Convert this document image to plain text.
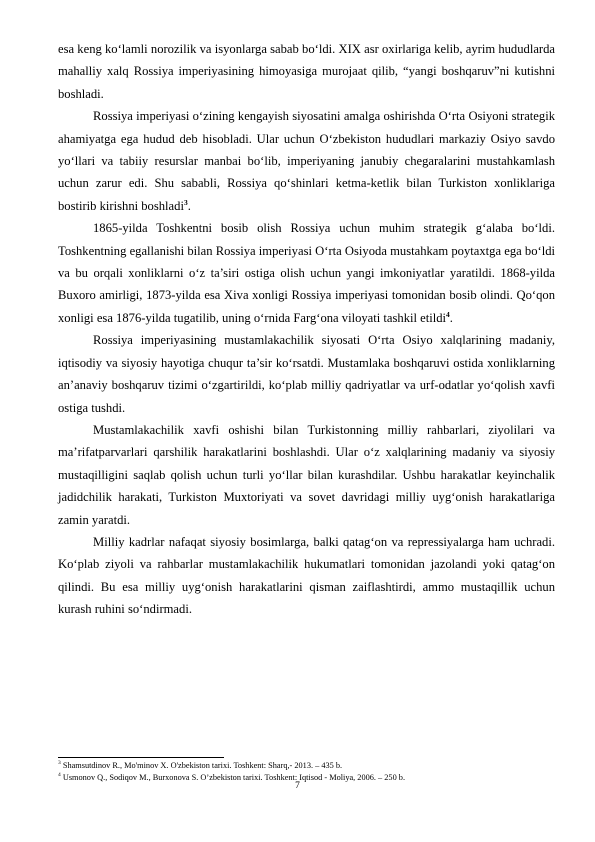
esa keng ko‘lamli norozilik va isyonlarga sabab bo‘ldi. XIX asr oxirlariga kelib, ayrim hududlarda mahalliy xalq Rossiya imperiyasining himoyasiga murojaat qilib, “yangi boshqaruv”ni kutishni boshladi.

Rossiya imperiyasi o‘zining kengayish siyosatini amalga oshirishda O‘rta Osiyoni strategik ahamiyatga ega hudud deb hisobladi. Ular uchun O‘zbekiston hududlari markaziy Osiyo savdo yo‘llari va tabiiy resurslar manbai bo‘lib, imperiyaning janubiy chegaralarini mustahkamlash uchun zarur edi. Shu sababli, Rossiya qo‘shinlari ketma-ketlik bilan Turkiston xonliklariga bostirib kirishni boshladi$^3$.

1865-yilda Toshkentni bosib olish Rossiya uchun muhim strategik g‘alaba bo‘ldi. Toshkentning egallanishi bilan Rossiya imperiyasi O‘rta Osiyoda mustahkam poytaxtga ega bo‘ldi va bu orqali xonliklarni o‘z ta’siri ostiga olish uchun yangi imkoniyatlar yaratildi. 1868-yilda Buxoro amirligi, 1873-yilda esa Xiva xonligi Rossiya imperiyasi tomonidan bosib olindi. Qo‘qon xonligi esa 1876-yilda tugatilib, uning o‘rnida Farg‘ona viloyati tashkil etildi$^4$.

Rossiya imperiyasining mustamlakachilik siyosati O‘rta Osiyo xalqlarining madaniy, iqtisodiy va siyosiy hayotiga chuqur ta’sir ko‘rsatdi. Mustamlaka boshqaruvi ostida xonliklarning an’anaviy boshqaruv tizimi o‘zgartirildi, ko‘plab milliy qadriyatlar va urf-odatlar yo‘qolish xavfi ostiga tushdi.

Mustamlakachilik xavfi oshishi bilan Turkistonning milliy rahbarlari, ziyolilari va ma’rifatparvarlari qarshilik harakatlarini boshlashdi. Ular o‘z xalqlarining madaniy va siyosiy mustaqilligini saqlab qolish uchun turli yo‘llar bilan kurashdilar. Ushbu harakatlar keyinchalik jadidchilik harakati, Turkiston Muxtoriyati va sovet davridagi milliy uyg‘onish harakatlariga zamin yaratdi.

Milliy kadrlar nafaqat siyosiy bosimlarga, balki qatag‘on va repressiyalarga ham uchradi. Ko‘plab ziyoli va rahbarlar mustamlakachilik hukumatlari tomonidan jazolandi yoki qatag‘on qilindi. Bu esa milliy uyg‘onish harakatlarini qisman zaiflashtirdi, ammo mustaqillik uchun kurash ruhini so‘ndirmadi.

$^3$ Shamsutdinov R., Mo'minov X. O'zbekiston tarixi. Toshkent: Sharq,- 2013. – 435 b.
$^4$ Usmonov Q., Sodiqov M., Burxonova S. O’zbekiston tarixi. Toshkent: Iqtisod - Moliya, 2006. – 250 b.
7
